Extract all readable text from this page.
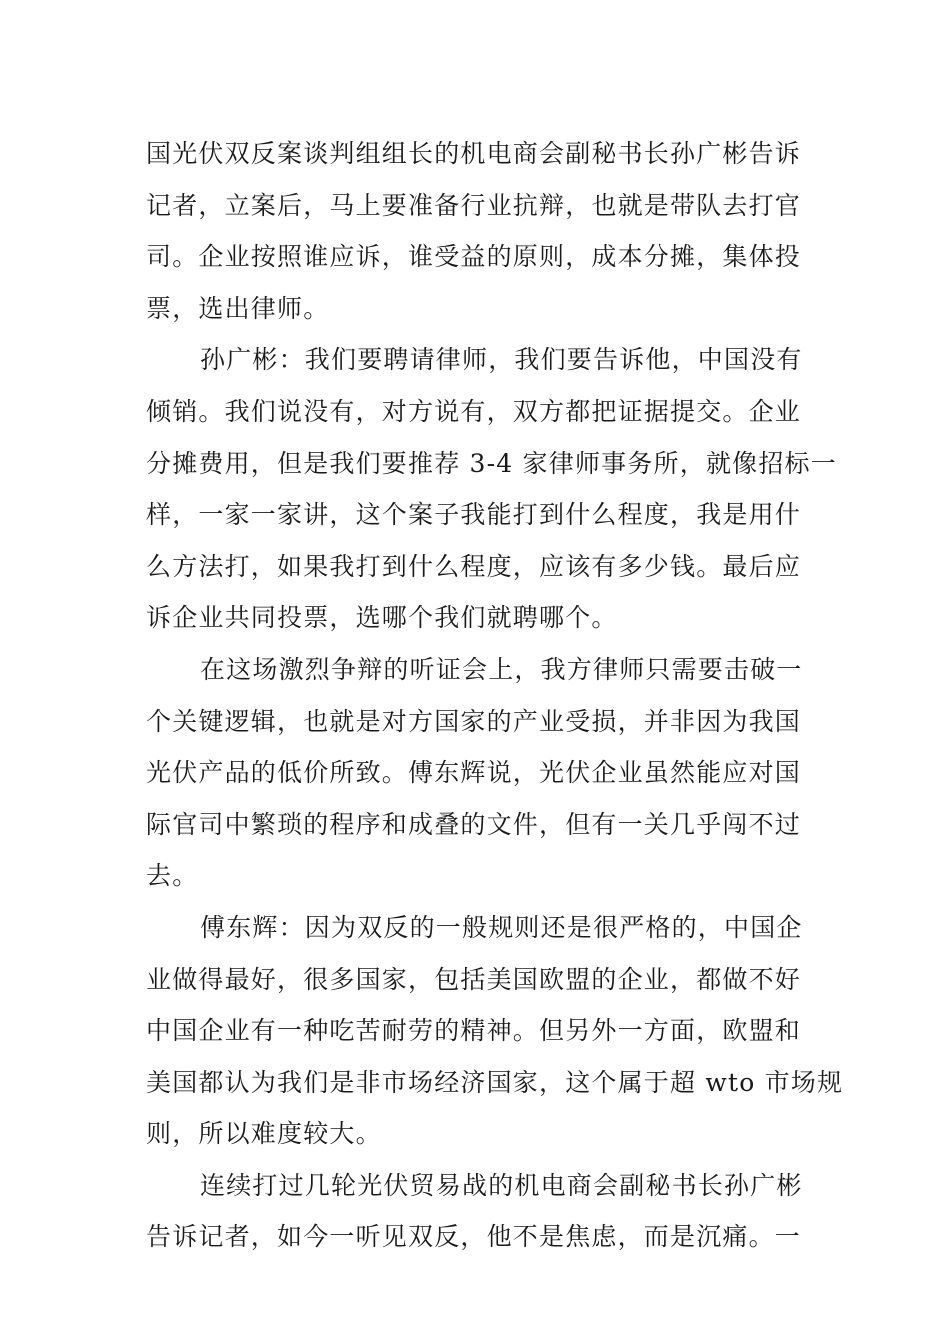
国光伏双反案谈判组组长的机电商会副秘书长孙广彬告诉
记者，立案后，马上要准备行业抗辩，也就是带队去打官
司。企业按照谁应诉，谁受益的原则，成本分摊，集体投
票，选出律师。
孙广彬：我们要聘请律师，我们要告诉他，中国没有
倾销。我们说没有，对方说有，双方都把证据提交。企业
分摊费用，但是我们要推荐 3-4 家律师事务所，就像招标一
样，一家一家讲，这个案子我能打到什么程度，我是用什
么方法打，如果我打到什么程度，应该有多少钱。最后应
诉企业共同投票，选哪个我们就聘哪个。
在这场激烈争辩的听证会上，我方律师只需要击破一
个关键逻辑，也就是对方国家的产业受损，并非因为我国
光伏产品的低价所致。傅东辉说，光伏企业虽然能应对国
际官司中繁琐的程序和成叠的文件，但有一关几乎闯不过
去。
傅东辉：因为双反的一般规则还是很严格的，中国企
业做得最好，很多国家，包括美国欧盟的企业，都做不好
中国企业有一种吃苦耐劳的精神。但另外一方面，欧盟和
美国都认为我们是非市场经济国家，这个属于超 wto 市场规
则，所以难度较大。
连续打过几轮光伏贸易战的机电商会副秘书长孙广彬
告诉记者，如今一听见双反，他不是焦虑，而是沉痛。一
